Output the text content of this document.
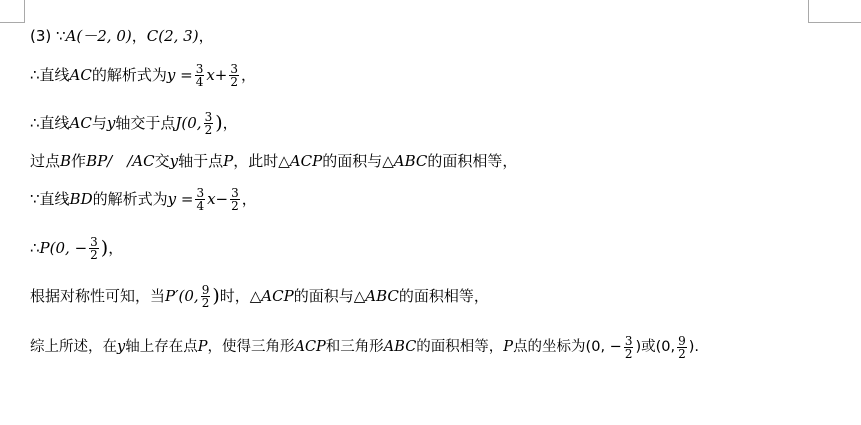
(3) ∵ A(－2, 0) ， C(2, 3) ，
∴直线 AC 的解析式为 $y = \frac{3}{4}$ $x + \frac{3}{2}$ ，
∴直线 AC 与 y 轴交于点 J(0, $\frac{3}{2}$ ) ，
过点 B 作 BP/
　 /AC 交 y 轴于点 P ，此时△ ACP 的面积与△ ABC 的面积相等，
∵直线 BD 的解析式为 $y = \frac{3}{4}$ $x - \frac{3}{2}$ ，
∴ P(0, − $\frac{3}{2}$ ) ，
根据对称性可知，当 P′(0, $\frac{9}{2}$ ) 时，△ ACP 的面积与△ ABC 的面积相等，
综上所述，在 y 轴上存在点 P ，使得三角形 ACP 和三角形 ABC 的面积相等， P 点的坐标为(0, − $\frac{3}{2}$ )或(0, $\frac{9}{2}$ ).
